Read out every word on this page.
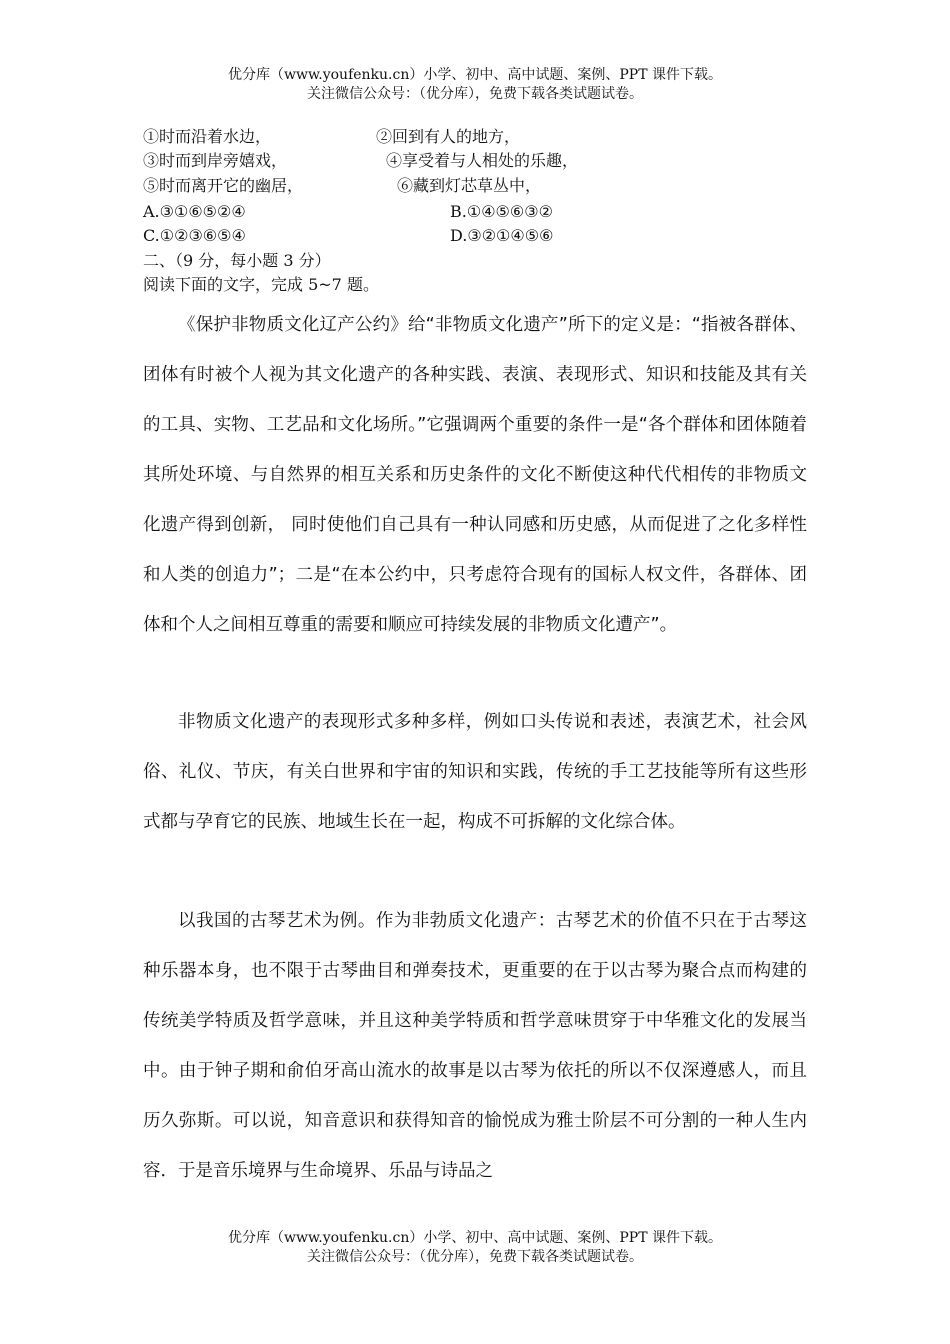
优分库（www.youfenku.cn）小学、初中、高中试题、案例、PPT 课件下载。
关注微信公众号：（优分库），免费下载各类试题试卷。
①时而沿着水边，	②回到有人的地方，
③时而到岸旁嬉戏，	④享受着与人相处的乐趣，
⑤时而离开它的幽居，	⑥藏到灯芯草丛中，
A.③①⑥⑤②④	B.①④⑤⑥③②
C.①②③⑥⑤④	D.③②①④⑤⑥
二、（9 分，每小题 3 分）
阅读下面的文字，完成 5~7 题。

《保护非物质文化辽产公约》给“非物质文化遗产”所下的定义是：“指被各群体、团体有时被个人视为其文化遗产的各种实践、表演、表现形式、知识和技能及其有关的工具、实物、工艺品和文化场所。”它强调两个重要的条件一是“各个群体和团体随着其所处环境、与自然界的相互关系和历史条件的文化不断使这种代代相传的非物质文化遗产得到创新， 同时使他们自己具有一种认同感和历史感，从而促进了之化多样性和人类的创追力”；二是“在本公约中，只考虑符合现有的国标人权文件，各群体、团体和个人之间相互尊重的需要和顺应可持续发展的非物质文化遭产”。

非物质文化遗产的表现形式多种多样，例如口头传说和表述，表演艺术，社会风俗、礼仪、节庆，有关白世界和宇宙的知识和实践，传统的手工艺技能等所有这些形式都与孕育它的民族、地域生长在一起，构成不可拆解的文化综合体。

以我国的古琴艺术为例。作为非勃质文化遗产：古琴艺术的价值不只在于古琴这种乐器本身，也不限于古琴曲目和弹奏技术，更重要的在于以古琴为聚合点而构建的传统美学特质及哲学意味，并且这种美学特质和哲学意味贯穿于中华雅文化的发展当中。由于钟子期和俞伯牙高山流水的故事是以古琴为依托的所以不仅深遵感人，而且历久弥斯。可以说，知音意识和获得知音的愉悦成为雅士阶层不可分割的一种人生内容．于是音乐境界与生命境界、乐品与诗品之

优分库（www.youfenku.cn）小学、初中、高中试题、案例、PPT 课件下载。
关注微信公众号：（优分库），免费下载各类试题试卷。
